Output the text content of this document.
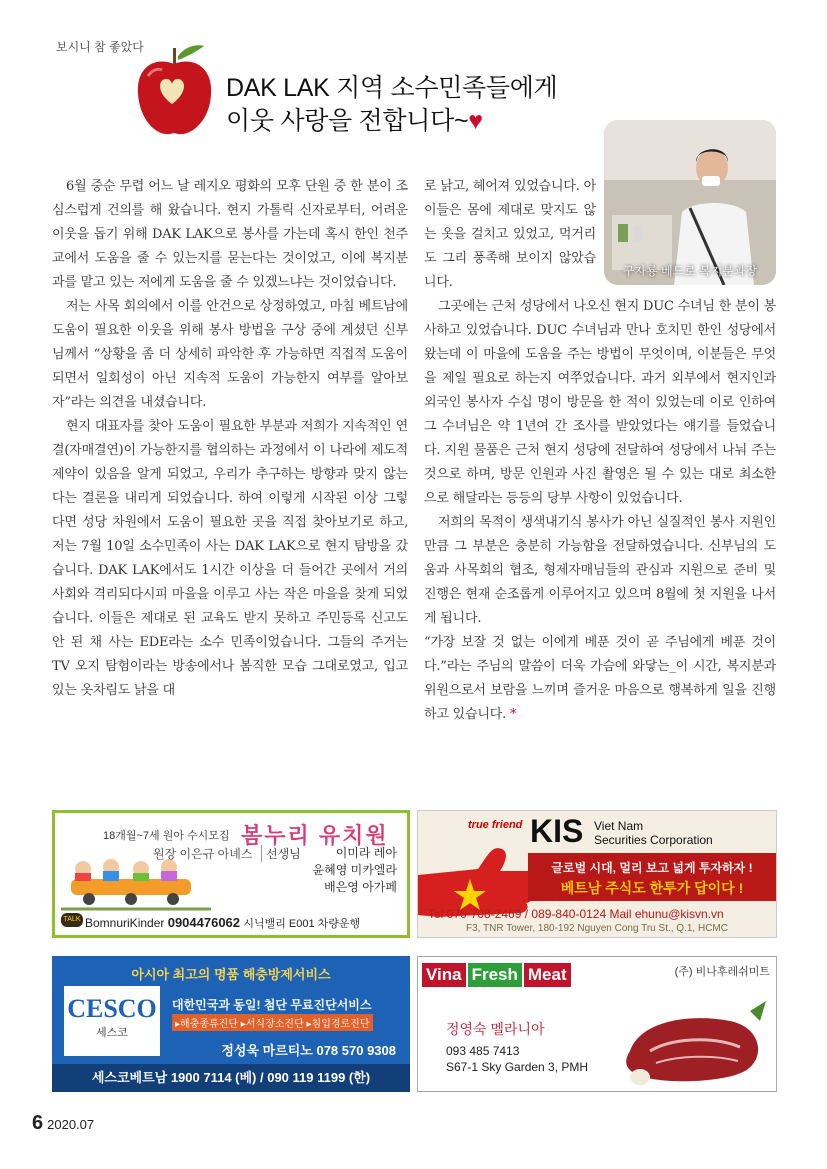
보시니 참 좋았다
DAK LAK 지역 소수민족들에게
이웃 사랑을 전합니다~♥
구자룡 베드로 복지분과장

6월 중순 무렵 어느 날 레지오 평화의 모후 단원 중 한 분이 조심스럽게 건의를 해 왔습니다. 현지 가톨릭 신자로부터, 어려운 이웃을 돕기 위해 DAK LAK으로 봉사를 가는데 혹시 한인 천주교에서 도움을 줄 수 있는지를 묻는다는 것이었고, 이에 복지분과를 맡고 있는 저에게 도움을 줄 수 있겠느냐는 것이었습니다.

저는 사목 회의에서 이를 안건으로 상정하였고, 마침 베트남에 도움이 필요한 이웃을 위해 봉사 방법을 구상 중에 계셨던 신부님께서 “상황을 좀 더 상세히 파악한 후 가능하면 직접적 도움이 되면서 일회성이 아닌 지속적 도움이 가능한지 여부를 알아보자”라는 의견을 내셨습니다.

현지 대표자를 찾아 도움이 필요한 부분과 저희가 지속적인 연결(자매결연)이 가능한지를 협의하는 과정에서 이 나라에 제도적 제약이 있음을 알게 되었고, 우리가 추구하는 방향과 맞지 않는다는 결론을 내리게 되었습니다. 하여 이렇게 시작된 이상 그렇다면 성당 차원에서 도움이 필요한 곳을 직접 찾아보기로 하고, 저는 7월 10일 소수민족이 사는 DAK LAK으로 현지 탐방을 갔습니다. DAK LAK에서도 1시간 이상을 더 들어간 곳에서 거의 사회와 격리되다시피 마을을 이루고 사는 작은 마을을 찾게 되었습니다. 이들은 제대로 된 교육도 받지 못하고 주민등록 신고도 안 된 채 사는 EDE라는 소수 민족이었습니다. 그들의 주거는 TV 오지 탐험이라는 방송에서나 봄직한 모습 그대로였고, 입고 있는 옷차림도 낡을 대

로 낡고, 헤어져 있었습니다. 아이들은 몸에 제대로 맞지도 않는 옷을 걸치고 있었고, 먹거리도 그리 풍족해 보이지 않았습니다.

그곳에는 근처 성당에서 나오신 현지 DUC 수녀님 한 분이 봉사하고 있었습니다. DUC 수녀님과 만나 호치민 한인 성당에서 왔는데 이 마을에 도움을 주는 방법이 무엇이며, 이분들은 무엇을 제일 필요로 하는지 여쭈었습니다. 과거 외부에서 현지인과 외국인 봉사자 수십 명이 방문을 한 적이 있었는데 이로 인하여 그 수녀님은 약 1년여 간 조사를 받았었다는 얘기를 들었습니다. 지원 물품은 근처 현지 성당에 전달하여 성당에서 나눠 주는 것으로 하며, 방문 인원과 사진 촬영은 될 수 있는 대로 최소한으로 해달라는 등등의 당부 사항이 있었습니다.

저희의 목적이 생색내기식 봉사가 아닌 실질적인 봉사 지원인 만큼 그 부분은 충분히 가능함을 전달하였습니다. 신부님의 도움과 사목회의 협조, 형제자매님들의 관심과 지원으로 준비 및 진행은 현재 순조롭게 이루어지고 있으며 8월에 첫 지원을 나서게 됩니다.

“가장 보잘 것 없는 이에게 베푼 것이 곧 주님에게 베푼 것이다.”라는 주님의 말씀이 더욱 가슴에 와닿는_이 시간, 복지분과위원으로서 보람을 느끼며 즐거운 마음으로 행복하게 일을 진행하고 있습니다. *

18개월~7세 원아 수시모집 봄누리 유치원
원장 이은규 아녜스	선생님	이미라 레아
윤혜영 미카엘라
배은영 아가페
TALK BomnuriKinder 0904476062 시닉밸리 E001 차량운행
true friend KIS Viet Nam
Securities Corporation
글로벌 시대, 멀리 보고 넓게 투자하자 !
베트남 주식도 한투가 답이다 !
Tel 070-708-2469 / 089-840-0124 Mail ehunu@kisvn.vn
F3, TNR Tower, 180-192 Nguyen Cong Tru St., Q.1, HCMC
아시아 최고의 명품 해충방제서비스
CESCO
세스코
대한민국과 동일! 첨단 무료진단서비스
▸해충종류진단 ▸서식장소진단 ▸침입경로진단
정성욱 마르티노 078 570 9308
세스코베트남 1900 7114 (베) / 090 119 1199 (한)
Vina Fresh Meat	(주) 비나후레쉬미트
정영숙 멜라니아
093 485 7413
S67-1 Sky Garden 3, PMH
6 2020.07
